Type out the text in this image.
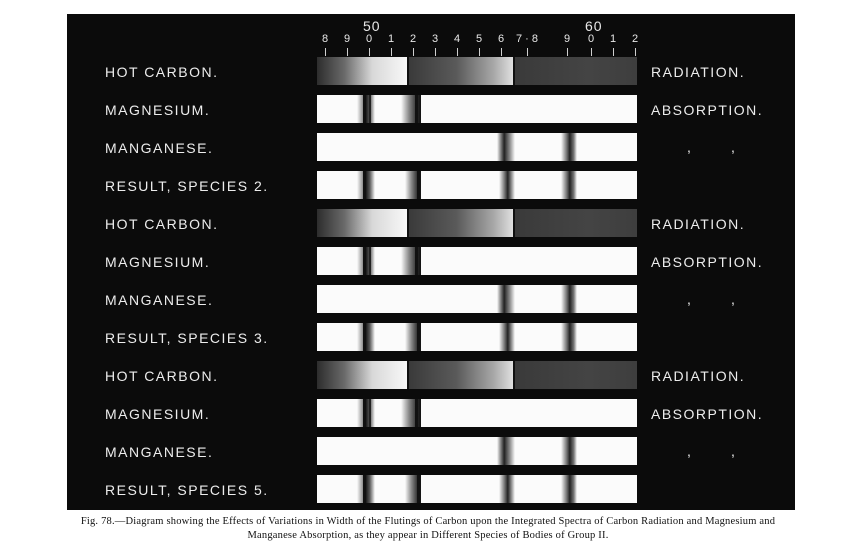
50	60
8	9	0	1	2	3	4	5	6	7 · 8	9	0	1	2
HOT CARBON.	RADIATION.
MAGNESIUM.	ABSORPTION.
MANGANESE.	,	,
RESULT, SPECIES 2.
HOT CARBON.	RADIATION.
MAGNESIUM.	ABSORPTION.
MANGANESE.	,	,
RESULT, SPECIES 3.
HOT CARBON.	RADIATION.
MAGNESIUM.	ABSORPTION.
MANGANESE.	,	,
RESULT, SPECIES 5.
Fig. 78.—Diagram showing the Effects of Variations in Width of the Flutings of Carbon upon the Integrated Spectra of Carbon Radiation and Magnesium and Manganese Absorption, as they appear in Different Species of Bodies of Group II.
